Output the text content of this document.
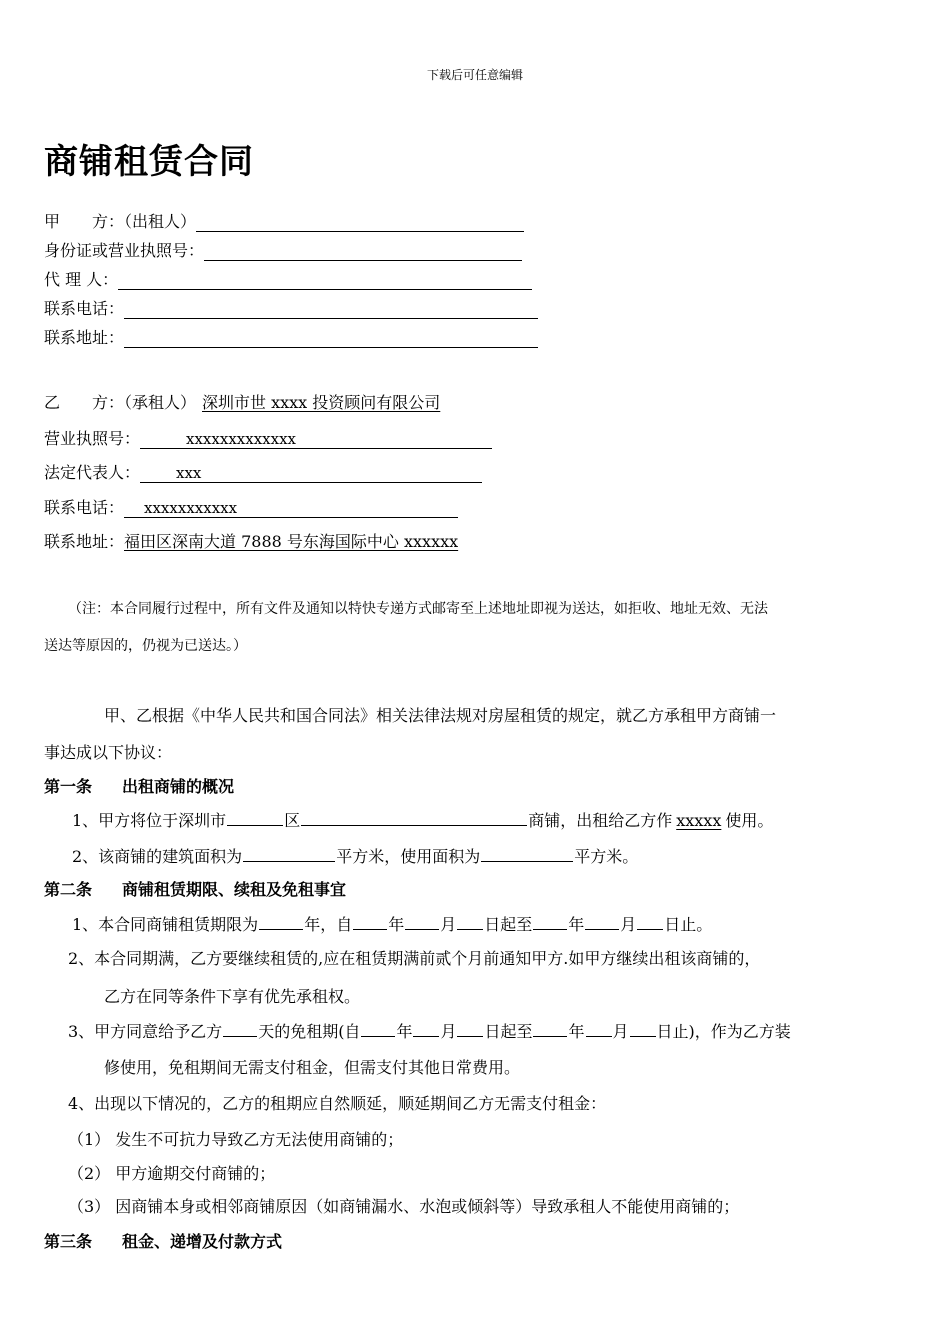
下载后可任意编辑
商铺租赁合同
甲　　方：（出租人）
身份证或营业执照号：
代 理 人：
联系电话：
联系地址：
乙　　方：（承租人） 深圳市世 xxxx 投资顾问有限公司
营业执照号：	xxxxxxxxxxxxx
法定代表人： xxx
联系电话： xxxxxxxxxxx
联系地址：福田区深南大道 7888 号东海国际中心 xxxxxx
（注：本合同履行过程中，所有文件及通知以特快专递方式邮寄至上述地址即视为送达，如拒收、地址无效、无法
送达等原因的，仍视为已送达。）
甲、乙根据《中华人民共和国合同法》相关法律法规对房屋租赁的规定，就乙方承租甲方商铺一
事达成以下协议：
第一条 出租商铺的概况
1、甲方将位于深圳市	区	商铺，出租给乙方作 xxxxx 使用。
2、该商铺的建筑面积为	平方米，使用面积为	平方米。
第二条 商铺租赁期限、续租及免租事宜
1、本合同商铺租赁期限为	年，自 年 月 日起至 年 月 日止。
2、本合同期满，乙方要继续租赁的,应在租赁期满前贰个月前通知甲方.如甲方继续出租该商铺的，
乙方在同等条件下享有优先承租权。
3、甲方同意给予乙方 天的免租期(自 年 月 日起至 年 月 日止)，作为乙方装
修使用，免租期间无需支付租金，但需支付其他日常费用。
4、出现以下情况的，乙方的租期应自然顺延，顺延期间乙方无需支付租金：
（1） 发生不可抗力导致乙方无法使用商铺的；
（2） 甲方逾期交付商铺的；
（3） 因商铺本身或相邻商铺原因（如商铺漏水、水泡或倾斜等）导致承租人不能使用商铺的；
第三条 租金、递增及付款方式
